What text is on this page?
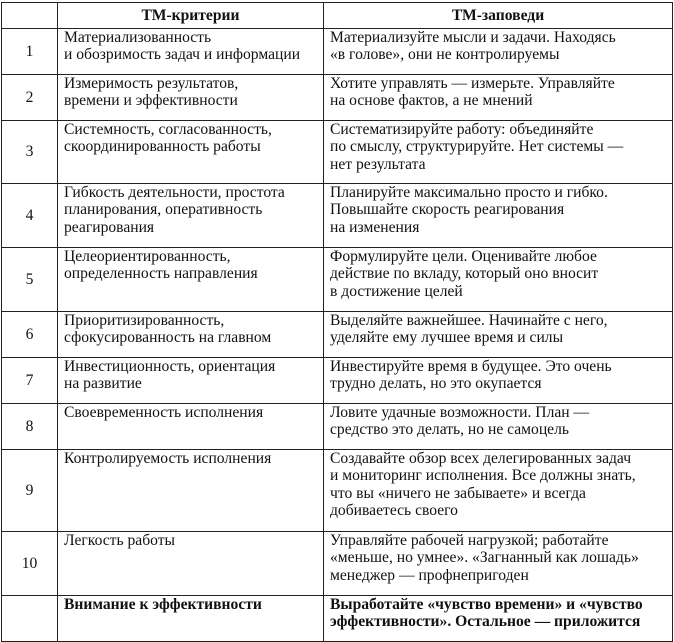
	ТМ-критерии	ТМ-заповеди
1	Материализованность
и обозримость задач и информации	Материализуйте мысли и задачи. Находясь
«в голове», они не контролируемы

2	Измеримость результатов,
времени и эффективности	Хотите управлять — измерьте. Управляйте
на основе фактов, а не мнений

3	Системность, согласованность,
скоординированность работы	Систематизируйте работу: объединяйте
по смыслу, структурируйте. Нет системы —
нет результата

4	Гибкость деятельности, простота
планирования, оперативность
реагирования	Планируйте максимально просто и гибко.
Повышайте скорость реагирования
на изменения

5	Целеориентированность,
определенность направления	Формулируйте цели. Оценивайте любое
действие по вкладу, который оно вносит
в достижение целей

6	Приоритизированность,
сфокусированность на главном	Выделяйте важнейшее. Начинайте с него,
уделяйте ему лучшее время и силы

7	Инвестиционность, ориентация
на развитие	Инвестируйте время в будущее. Это очень
трудно делать, но это окупается

8	Своевременность исполнения	Ловите удачные возможности. План —
средство это делать, но не самоцель

9	Контролируемость исполнения	Создавайте обзор всех делегированных задач
и мониторинг исполнения. Все должны знать,
что вы «ничего не забываете» и всегда
добиваетесь своего

10	Легкость работы	Управляйте рабочей нагрузкой; работайте
«меньше, но умнее». «Загнанный как лошадь»
менеджер — профнепригоден

	Внимание к эффективности	Выработайте «чувство времени» и «чувство
эффективности». Остальное — приложится
